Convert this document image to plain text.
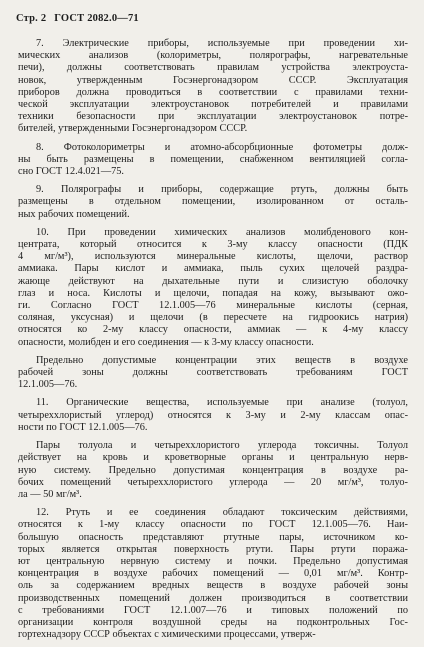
Стр. 2 ГОСТ 2082.0—71
7. Электрические приборы, используемые при проведении хи-
мических анализов (колориметры, полярографы, нагревательные
печи), должны соответствовать правилам устройства электроуста-
новок, утвержденным Госэнергонадзором СССР. Эксплуатация
приборов должна проводиться в соответствии с правилами техни-
ческой эксплуатации электроустановок потребителей и правилами
техники безопасности при эксплуатации электроустановок потре-
бителей, утвержденными Госэнергонадзором СССР.
8. Фотоколориметры и атомно-абсорбционные фотометры долж-
ны быть размещены в помещении, снабженном вентиляцией согла-
сно ГОСТ 12.4.021—75.
9. Полярографы и приборы, содержащие ртуть, должны быть
размещены в отдельном помещении, изолированном от осталь-
ных рабочих помещений.
10. При проведении химических анализов молибденового кон-
центрата, который относится к 3-му классу опасности (ПДК
4 мг/м³), используются минеральные кислоты, щелочи, раствор
аммиака. Пары кислот и аммиака, пыль сухих щелочей раздра-
жающе действуют на дыхательные пути и слизистую оболочку
глаз и носа. Кислоты и щелочи, попадая на кожу, вызывают ожо-
ги. Согласно ГОСТ 12.1.005—76 минеральные кислоты (серная,
соляная, уксусная) и щелочи (в пересчете на гидроокись натрия)
относятся ко 2-му классу опасности, аммиак — к 4-му классу
опасности, молибден и его соединения — к 3-му классу опасности.
Предельно допустимые концентрации этих веществ в воздухе
рабочей зоны должны соответствовать требованиям ГОСТ
12.1.005—76.
11. Органические вещества, используемые при анализе (толуол,
четыреххлористый углерод) относятся к 3-му и 2-му классам опас-
ности по ГОСТ 12.1.005—76.
Пары толуола и четыреххлористого углерода токсичны. Толуол
действует на кровь и кроветворные органы и центральную нерв-
ную систему. Предельно допустимая концентрация в воздухе ра-
бочих помещений четыреххлористого углерода — 20 мг/м³, толуо-
ла — 50 мг/м³.
12. Ртуть и ее соединения обладают токсическим действиями,
относятся к 1-му классу опасности по ГОСТ 12.1.005—76. Наи-
большую опасность представляют ртутные пары, источником ко-
торых является открытая поверхность ртути. Пары ртути поража-
ют центральную нервную систему и почки. Предельно допустимая
концентрация в воздухе рабочих помещений — 0,01 мг/м³. Контр-
оль за содержанием вредных веществ в воздухе рабочей зоны
производственных помещений должен производиться в соответствии
с требованиями ГОСТ 12.1.007—76 и типовых положений по
организации контроля воздушной среды на подконтрольных Гос-
гортехнадзору СССР объектах с химическими процессами, утверж-
